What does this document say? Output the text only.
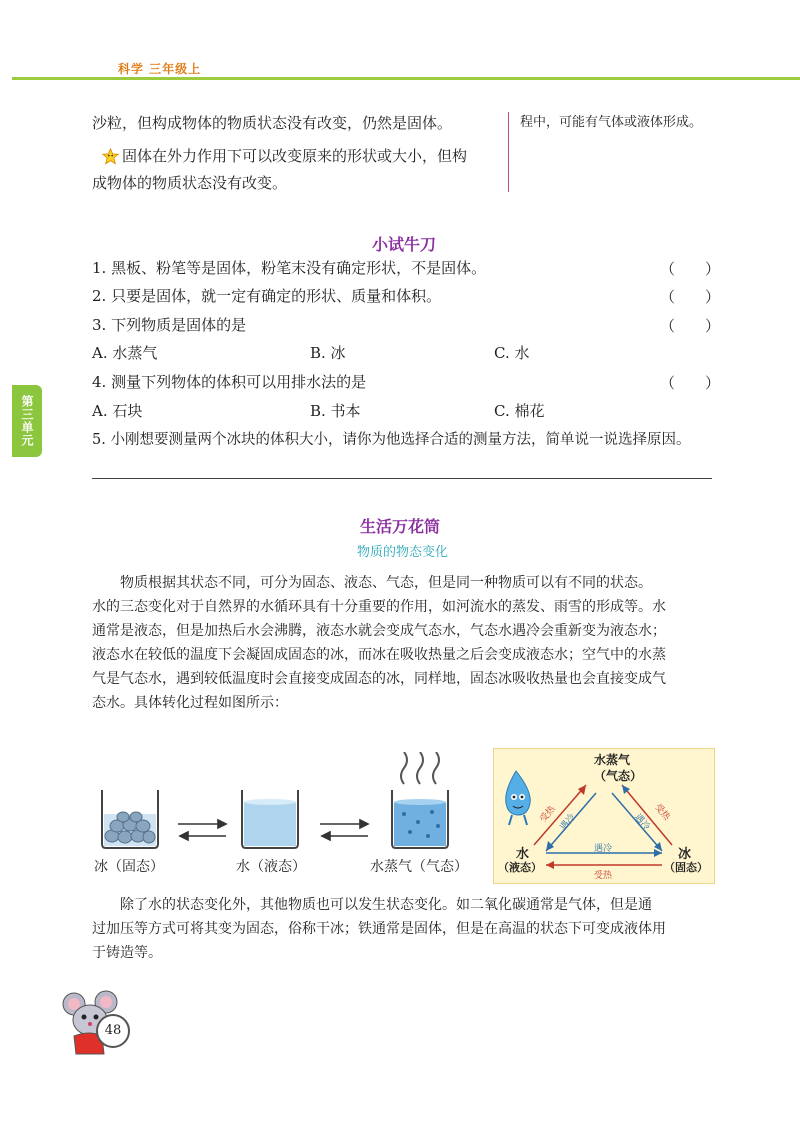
科学 三年级上
第三单元
沙粒，但构成物体的物质状态没有改变，仍然是固体。
固体在外力作用下可以改变原来的形状或大小，但构
成物体的物质状态没有改变。
程中，可能有气体或液体形成。
小试牛刀
1. 黑板、粉笔等是固体，粉笔末没有确定形状，不是固体。	（　　）
2. 只要是固体，就一定有确定的形状、质量和体积。	（　　）
3. 下列物质是固体的是	（　　）
A. 水蒸气	B. 冰	C. 水
4. 测量下列物体的体积可以用排水法的是	（　　）
A. 石块	B. 书本	C. 棉花
5. 小刚想要测量两个冰块的体积大小，请你为他选择合适的测量方法，简单说一说选择原因。
生活万花筒
物质的物态变化
物质根据其状态不同，可分为固态、液态、气态，但是同一种物质可以有不同的状态。
水的三态变化对于自然界的水循环具有十分重要的作用，如河流水的蒸发、雨雪的形成等。水
通常是液态，但是加热后水会沸腾，液态水就会变成气态水，气态水遇冷会重新变为液态水；
液态水在较低的温度下会凝固成固态的冰，而冰在吸收热量之后会变成液态水；空气中的水蒸
气是气态水，遇到较低温度时会直接变成固态的冰，同样地，固态冰吸收热量也会直接变成气
态水。具体转化过程如图所示：
冰（固态）	水（液态）	水蒸气（气态）
水蒸气
（气态）
水
（液态）
冰
（固态）
受热 遇冷	受热
遇冷
遇冷
受热
除了水的状态变化外，其他物质也可以发生状态变化。如二氧化碳通常是气体，但是通
过加压等方式可将其变为固态，俗称干冰；铁通常是固体，但是在高温的状态下可变成液体用
于铸造等。
48
